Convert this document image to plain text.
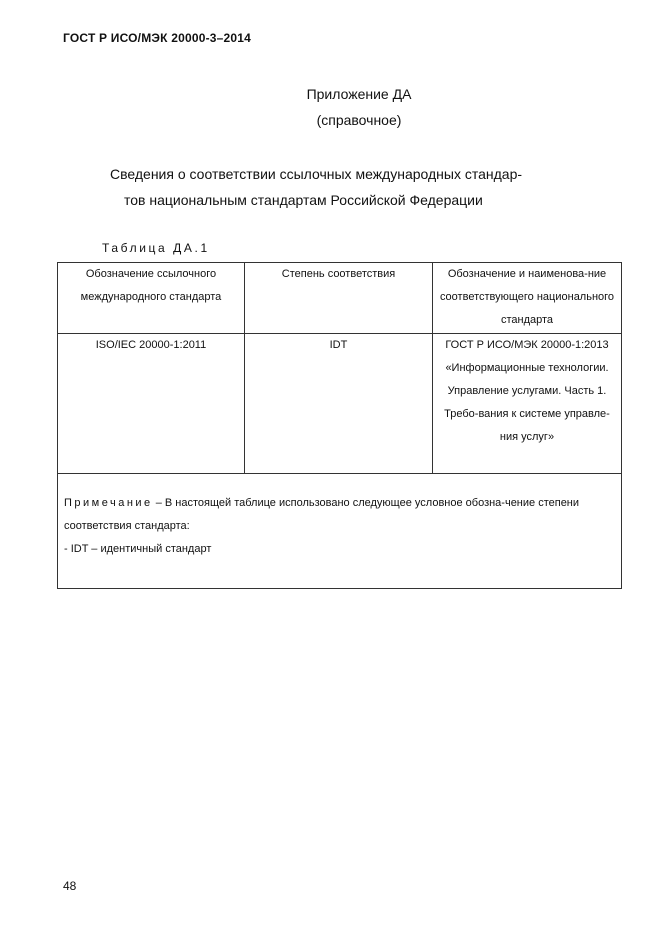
ГОСТ Р ИСО/МЭК 20000-3–2014
Приложение ДА
(справочное)
Сведения о соответствии ссылочных международных стандар-
тов национальным стандартам Российской Федерации
Таблица ДА.1
Обозначение ссылочного международного стандарта	Степень соответствия	Обозначение и наименова-ние соответствующего национального стандарта
ISO/IEC 20000-1:2011	IDT	ГОСТ Р ИСО/МЭК 20000-1:2013 «Информационные технологии. Управление услугами. Часть 1. Требо-вания к системе управле-ния услуг»
Примечание – В настоящей таблице использовано следующее условное обозна-чение степени соответствия стандарта:
- IDT – идентичный стандарт		
48
